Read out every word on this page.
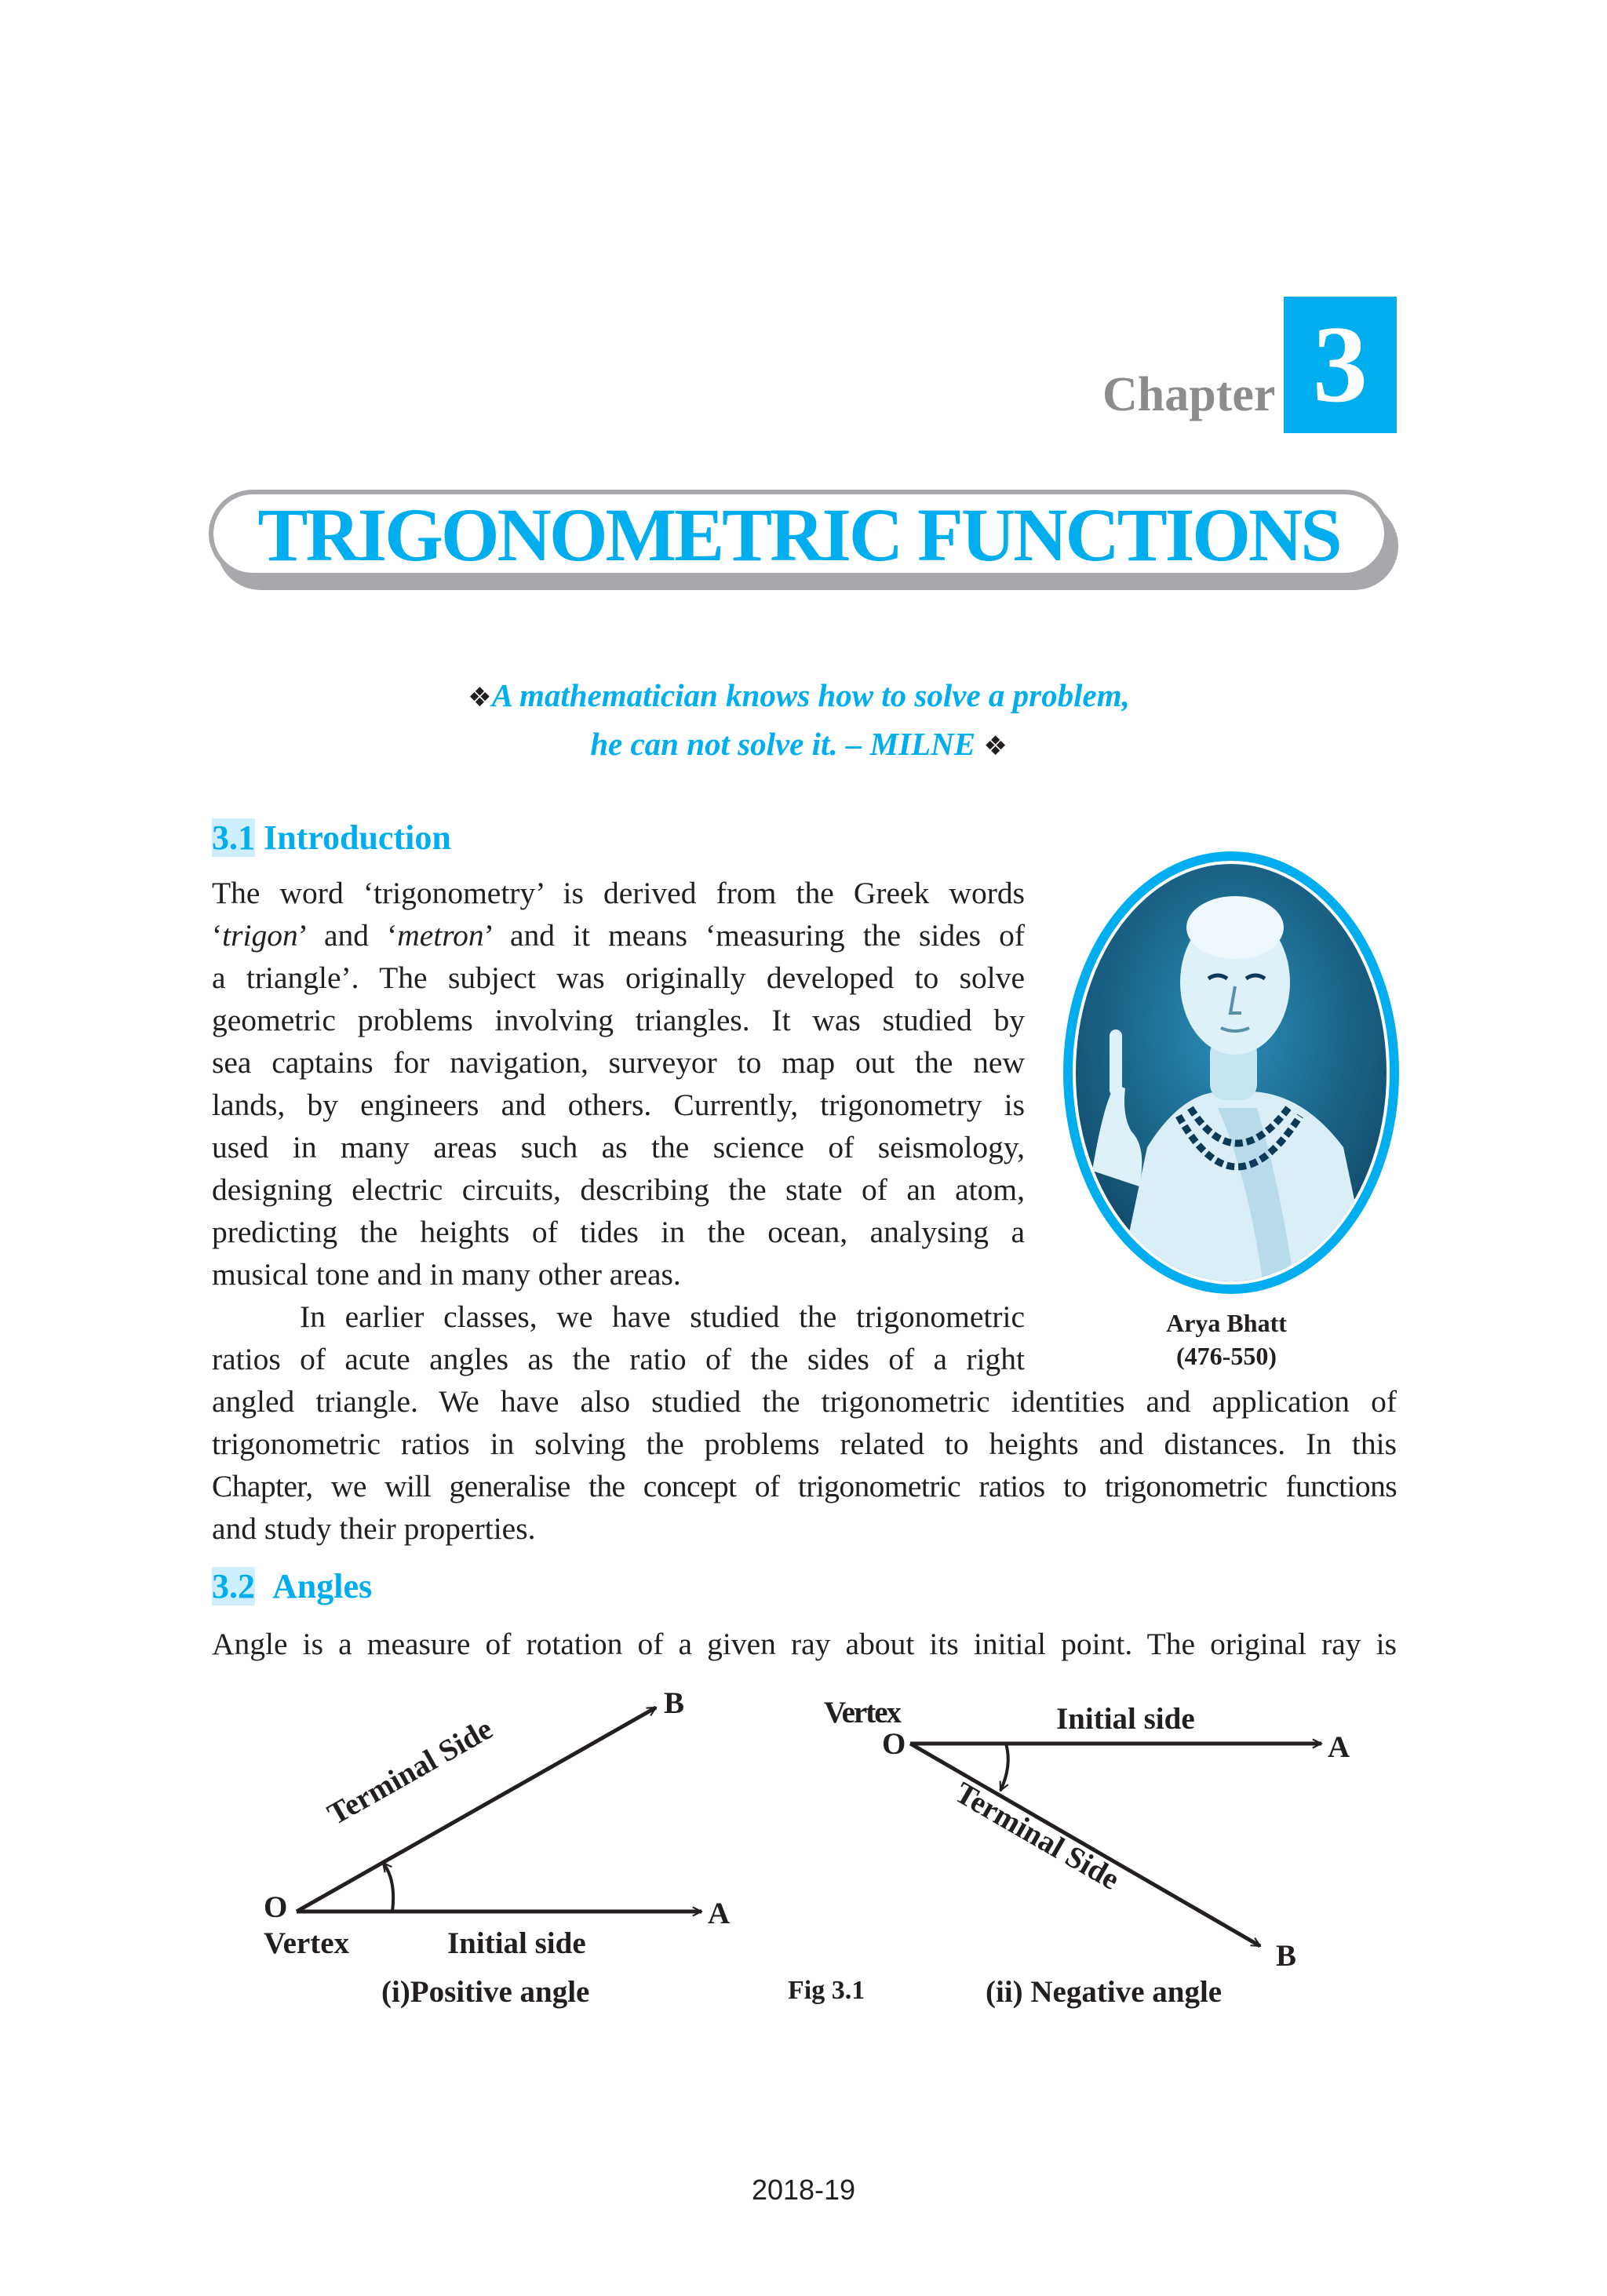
Chapter 3
TRIGONOMETRIC FUNCTIONS
❖A mathematician knows how to solve a problem,
he can not solve it. – MILNE ❖
3.1 Introduction
The word ‘trigonometry’ is derived from the Greek words
‘trigon’ and ‘metron’ and it means ‘measuring the sides of
a triangle’. The subject was originally developed to solve
geometric problems involving triangles. It was studied by
sea captains for navigation, surveyor to map out the new
lands, by engineers and others. Currently, trigonometry is
used in many areas such as the science of seismology,
designing electric circuits, describing the state of an atom,
predicting the heights of tides in the ocean, analysing a
musical tone and in many other areas.
In earlier classes, we have studied the trigonometric
ratios of acute angles as the ratio of the sides of a right
angled triangle. We have also studied the trigonometric identities and application of
trigonometric ratios in solving the problems related to heights and distances. In this
Chapter, we will generalise the concept of trigonometric ratios to trigonometric functions
and study their properties.
Arya Bhatt
(476-550)
3.2 Angles
Angle is a measure of rotation of a given ray about its initial point. The original ray is
B
Terminal Side
O	A
Vertex	Initial side
(i)Positive angle
Vertex
O
Initial side
A
Terminal Side
B
Fig 3.1	(ii) Negative angle
2018-19
